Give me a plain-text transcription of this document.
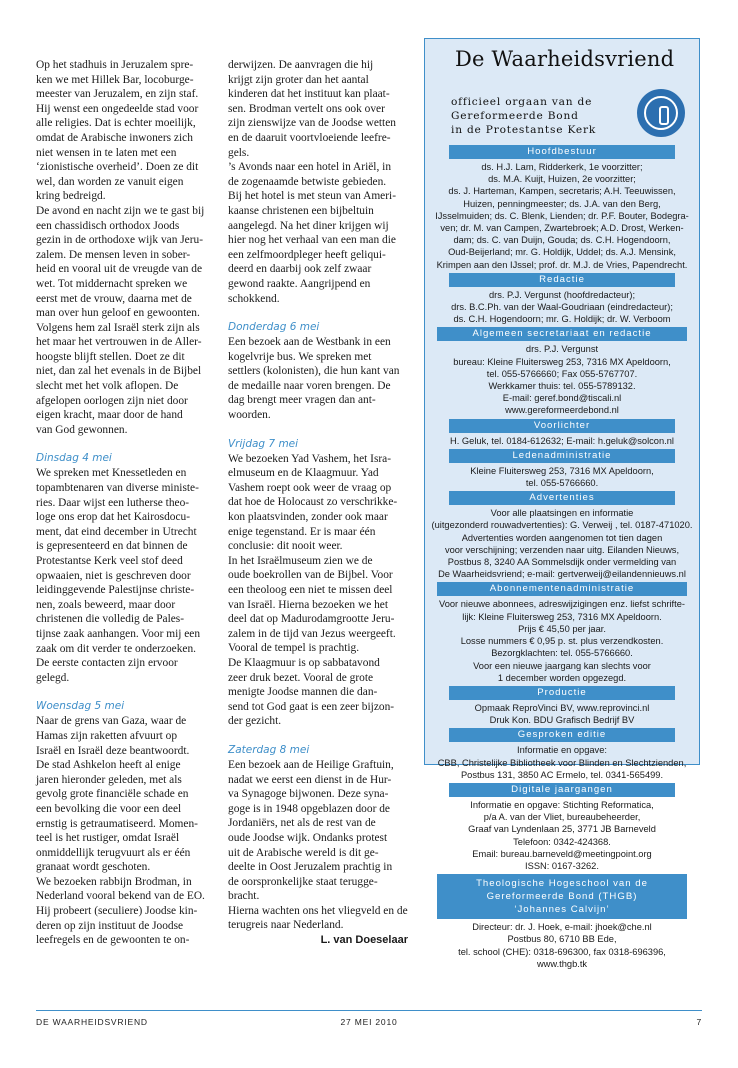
Op het stadhuis in Jeruzalem spre-

ken we met Hillek Bar, locoburge-

meester van Jeruzalem, en zijn staf.

Hij wenst een ongedeelde stad voor

alle religies. Dat is echter moeilijk,

omdat de Arabische inwoners zich

niet wensen in te laten met een

‘zionistische overheid’. Doen ze dit

wel, dan worden ze vanuit eigen

kring bedreigd.

De avond en nacht zijn we te gast bij

een chassidisch orthodox Joods

gezin in de orthodoxe wijk van Jeru-

zalem. De mensen leven in sober-

heid en vooral uit de vreugde van de

wet. Tot middernacht spreken we

eerst met de vrouw, daarna met de

man over hun geloof en gewoonten.

Volgens hem zal Israël sterk zijn als

het maar het vertrouwen in de Aller-

hoogste blijft stellen. Doet ze dit

niet, dan zal het evenals in de Bijbel

slecht met het volk aflopen. De

afgelopen oorlogen zijn niet door

eigen kracht, maar door de hand

van God gewonnen.

Dinsdag 4 mei

We spreken met Knessetleden en

topambtenaren van diverse ministe-

ries. Daar wijst een lutherse theo-

loge ons erop dat het Kairosdocu-

ment, dat eind december in Utrecht

is gepresenteerd en dat binnen de

Protestantse Kerk veel stof deed

opwaaien, niet is geschreven door

leidinggevende Palestijnse christe-

nen, zoals beweerd, maar door

christenen die volledig de Pales-

tijnse zaak aanhangen. Voor mij een

zaak om dit verder te onderzoeken.

De eerste contacten zijn ervoor

gelegd.

Woensdag 5 mei

Naar de grens van Gaza, waar de

Hamas zijn raketten afvuurt op

Israël en Israël deze beantwoordt.

De stad Ashkelon heeft al enige

jaren hieronder geleden, met als

gevolg grote financiële schade en

een bevolking die voor een deel

ernstig is getraumatiseerd. Momen-

teel is het rustiger, omdat Israël

onmiddellijk terugvuurt als er één

granaat wordt geschoten.

We bezoeken rabbijn Brodman, in

Nederland vooral bekend van de EO.

Hij probeert (seculiere) Joodse kin-

deren op zijn instituut de Joodse

leefregels en de gewoonten te on-

derwijzen. De aanvragen die hij

krijgt zijn groter dan het aantal

kinderen dat het instituut kan plaat-

sen. Brodman vertelt ons ook over

zijn zienswijze van de Joodse wetten

en de daaruit voortvloeiende leefre-

gels.

’s Avonds naar een hotel in Ariël, in

de zogenaamde betwiste gebieden.

Bij het hotel is met steun van Ameri-

kaanse christenen een bijbeltuin

aangelegd. Na het diner krijgen wij

hier nog het verhaal van een man die

een zelfmoordpleger heeft geliqui-

deerd en daarbij ook zelf zwaar

gewond raakte. Aangrijpend en

schokkend.

Donderdag 6 mei

Een bezoek aan de Westbank in een

kogelvrije bus. We spreken met

settlers (kolonisten), die hun kant van

de medaille naar voren brengen. De

dag brengt meer vragen dan ant-

woorden.

Vrijdag 7 mei

We bezoeken Yad Vashem, het Isra-

elmuseum en de Klaagmuur. Yad

Vashem roept ook weer de vraag op

dat hoe de Holocaust zo verschrikke-

kon plaatsvinden, zonder ook maar

enige tegenstand. Er is maar één

conclusie: dit nooit weer.

In het Israëlmuseum zien we de

oude boekrollen van de Bijbel. Voor

een theoloog een niet te missen deel

van Israël. Hierna bezoeken we het

deel dat op Madurodamgrootte Jeru-

zalem in de tijd van Jezus weergeeft.

Vooral de tempel is prachtig.

De Klaagmuur is op sabbatavond

zeer druk bezet. Vooral de grote

menigte Joodse mannen die dan-

send tot God gaat is een zeer bijzon-

der gezicht.

Zaterdag 8 mei

Een bezoek aan de Heilige Graftuin,

nadat we eerst een dienst in de Hur-

va Synagoge bijwonen. Deze syna-

goge is in 1948 opgeblazen door de

Jordaniërs, net als de rest van de

oude Joodse wijk. Ondanks protest

uit de Arabische wereld is dit ge-

deelte in Oost Jeruzalem prachtig in

de oorspronkelijke staat terugge-

bracht.

Hierna wachten ons het vliegveld en de

terugreis naar Nederland.

L. van Doeselaar

De Waarheidsvriend
officieel orgaan van de
Gereformeerde Bond
in de Protestantse Kerk
Hoofdbestuur
ds. H.J. Lam, Ridderkerk, 1e voorzitter;
ds. M.A. Kuijt, Huizen, 2e voorzitter;
ds. J. Harteman, Kampen, secretaris; A.H. Teeuwissen,
Huizen, penningmeester; ds. J.A. van den Berg,
IJsselmuiden; ds. C. Blenk, Lienden; dr. P.F. Bouter, Bodegra-
ven; dr. M. van Campen, Zwartebroek; A.D. Drost, Werken-
dam; ds. C. van Duijn, Gouda; ds. C.H. Hogendoorn,
Oud-Beijerland; mr. G. Holdijk, Uddel; ds. A.J. Mensink,
Krimpen aan den IJssel; prof. dr. M.J. de Vries, Papendrecht.
Redactie
drs. P.J. Vergunst (hoofdredacteur);
drs. B.C.Ph. van der Waal-Goudriaan (eindredacteur);
ds. C.H. Hogendoorn; mr. G. Holdijk; dr. W. Verboom
Algemeen secretariaat en redactie
drs. P.J. Vergunst
bureau: Kleine Fluitersweg 253, 7316 MX Apeldoorn,
tel. 055-5766660; Fax 055-5767707.
Werkkamer thuis: tel. 055-5789132.
E-mail: geref.bond@tiscali.nl
www.gereformeerdebond.nl
Voorlichter
H. Geluk, tel. 0184-612632; E-mail: h.geluk@solcon.nl
Ledenadministratie
Kleine Fluitersweg 253, 7316 MX Apeldoorn,
tel. 055-5766660.
Advertenties
Voor alle plaatsingen en informatie
(uitgezonderd rouwadvertenties): G. Verweij , tel. 0187-471020.
Advertenties worden aangenomen tot tien dagen
voor verschijning; verzenden naar uitg. Eilanden Nieuws,
Postbus 8, 3240 AA Sommelsdijk onder vermelding van
De Waarheidsvriend; e-mail: gertverweij@eilandennieuws.nl
Abonnementenadministratie
Voor nieuwe abonnees, adreswijzigingen enz. liefst schrifte-
lijk: Kleine Fluitersweg 253, 7316 MX Apeldoorn.
Prijs € 45,50 per jaar.
Losse nummers € 0,95 p. st. plus verzendkosten.
Bezorgklachten: tel. 055-5766660.
Voor een nieuwe jaargang kan slechts voor
1 december worden opgezegd.
Productie
Opmaak ReproVinci BV, www.reprovinci.nl
Druk Kon. BDU Grafisch Bedrijf BV
Gesproken editie
Informatie en opgave:
CBB, Christelijke Bibliotheek voor Blinden en Slechtzienden,
Postbus 131, 3850 AC Ermelo, tel. 0341-565499.
Digitale jaargangen
Informatie en opgave: Stichting Reformatica,
p/a A. van der Vliet, bureaubeheerder,
Graaf van Lyndenlaan 25, 3771 JB Barneveld
Telefoon: 0342-424368.
Email: bureau.barneveld@meetingpoint.org
ISSN: 0167-3262.
Theologische Hogeschool van de
Gereformeerde Bond (THGB)
‘Johannes Calvijn’
Directeur: dr. J. Hoek, e-mail: jhoek@che.nl
Postbus 80, 6710 BB Ede,
tel. school (CHE): 0318-696300, fax 0318-696396,
www.thgb.tk
DE WAARHEIDSVRIEND	27 MEI 2010	7
